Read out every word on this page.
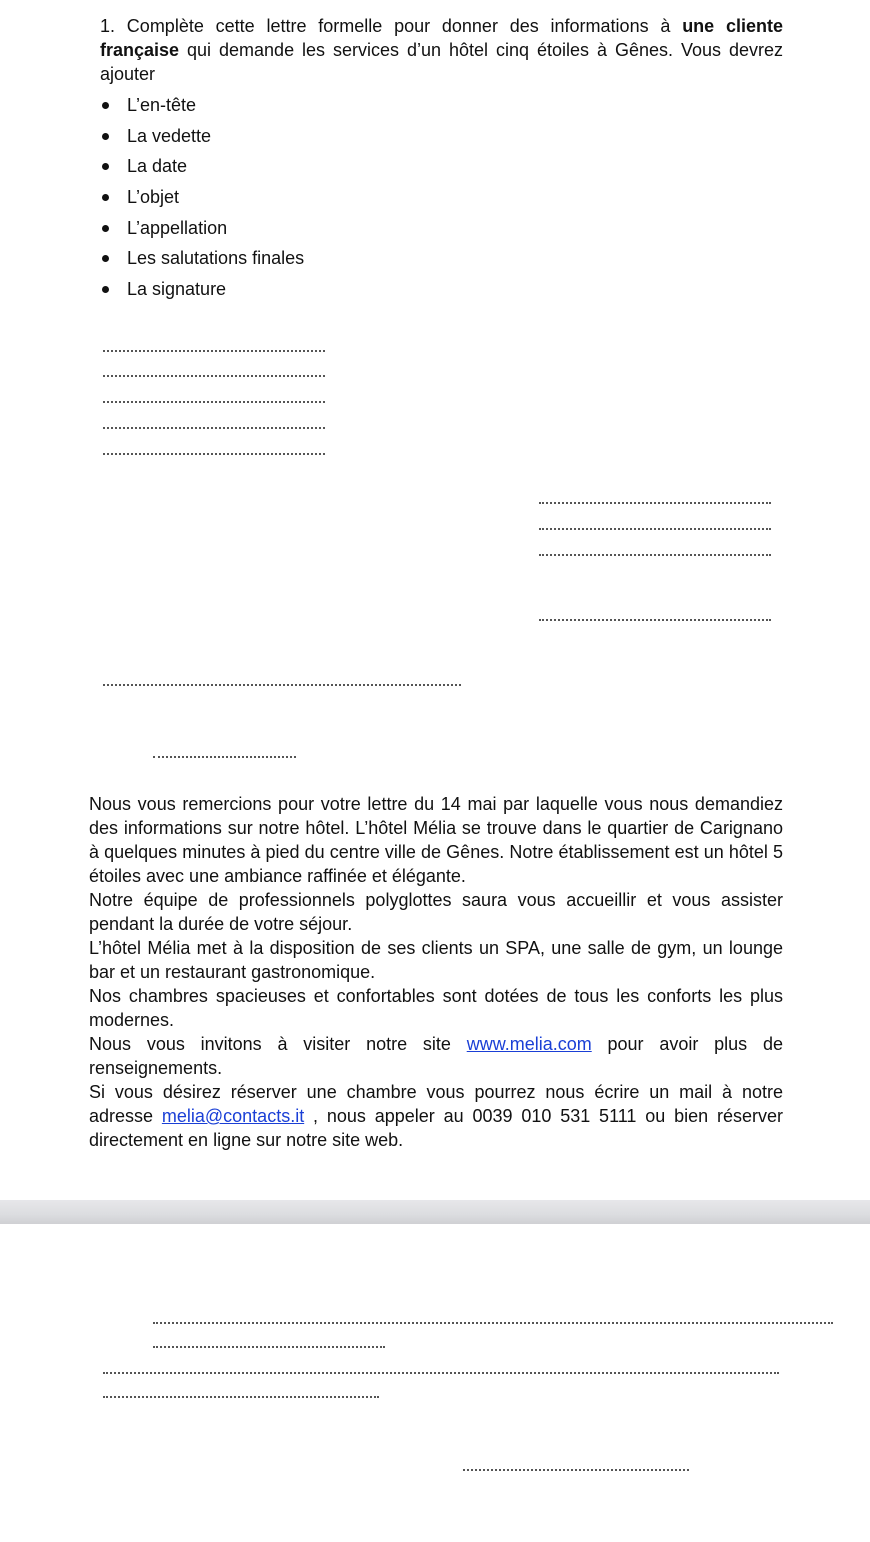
1. Complète cette lettre formelle pour donner des informations à une cliente française qui demande les services d’un hôtel cinq étoiles à Gênes. Vous devrez ajouter

L’en-tête
La vedette
La date
L’objet
L’appellation
Les salutations finales
La signature

Nous vous remercions pour votre lettre du 14 mai par laquelle vous nous demandiez des informations sur notre hôtel. L’hôtel Mélia se trouve dans le quartier de Carignano à quelques minutes à pied du centre ville de Gênes. Notre établissement est un hôtel 5 étoiles avec une ambiance raffinée et élégante.

Notre équipe de professionnels polyglottes saura vous accueillir et vous assister pendant la durée de votre séjour.

L’hôtel Mélia met à la disposition de ses clients un SPA, une salle de gym, un lounge bar et un restaurant gastronomique.

Nos chambres spacieuses et confortables sont dotées de tous les conforts les plus modernes.

Nous vous invitons à visiter notre site www.melia.com pour avoir plus de renseignements.

Si vous désirez réserver une chambre vous pourrez nous écrire un mail à notre adresse melia@contacts.it , nous appeler au 0039 010 531 5111 ou bien réserver directement en ligne sur notre site web.
